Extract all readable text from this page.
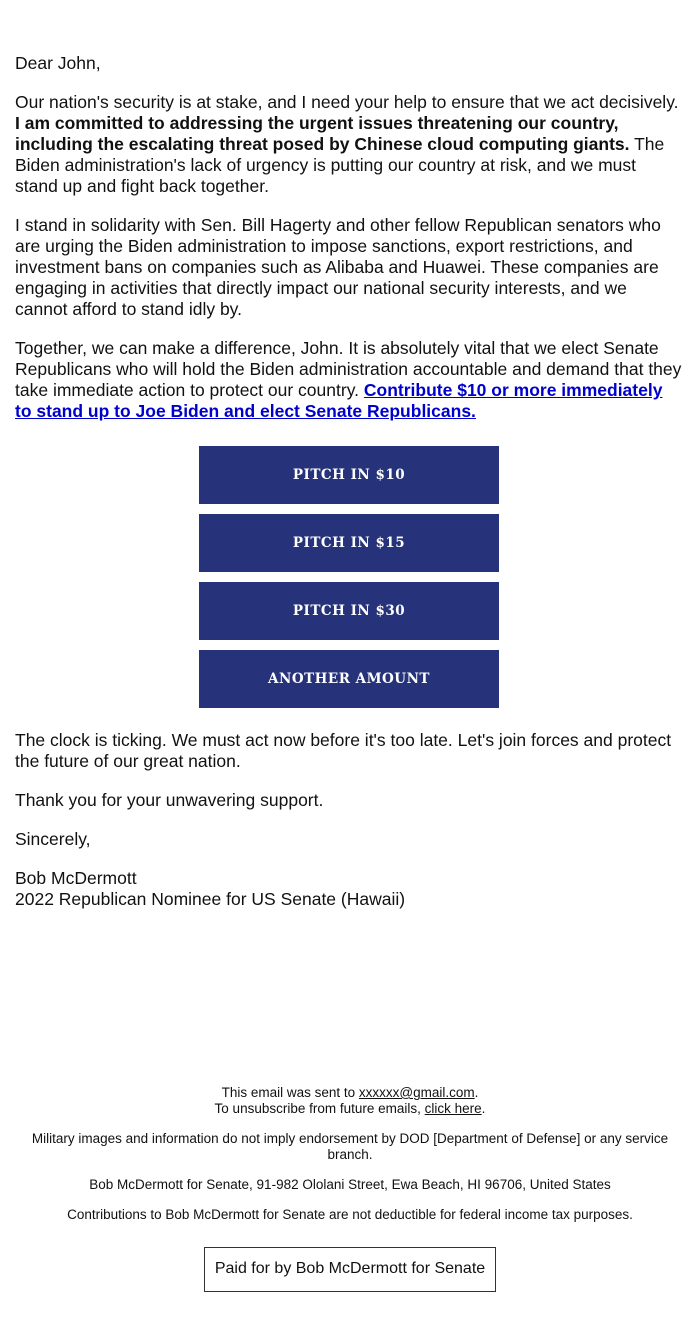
Dear John,

Our nation's security is at stake, and I need your help to ensure that we act decisively. I am committed to addressing the urgent issues threatening our country, including the escalating threat posed by Chinese cloud computing giants. The Biden administration's lack of urgency is putting our country at risk, and we must stand up and fight back together.

I stand in solidarity with Sen. Bill Hagerty and other fellow Republican senators who are urging the Biden administration to impose sanctions, export restrictions, and investment bans on companies such as Alibaba and Huawei. These companies are engaging in activities that directly impact our national security interests, and we cannot afford to stand idly by.

Together, we can make a difference, John. It is absolutely vital that we elect Senate Republicans who will hold the Biden administration accountable and demand that they take immediate action to protect our country. Contribute $10 or more immediately to stand up to Joe Biden and elect Senate Republicans.

PITCH IN $10
PITCH IN $15
PITCH IN $30
ANOTHER AMOUNT

The clock is ticking. We must act now before it's too late. Let's join forces and protect the future of our great nation.

Thank you for your unwavering support.

Sincerely,

Bob McDermott

2022 Republican Nominee for US Senate (Hawaii)

This email was sent to xxxxxx@gmail.com.

To unsubscribe from future emails, click here.

Military images and information do not imply endorsement by DOD [Department of Defense] or any service branch.

Bob McDermott for Senate, 91-982 Ololani Street, Ewa Beach, HI 96706, United States

Contributions to Bob McDermott for Senate are not deductible for federal income tax purposes.

Paid for by Bob McDermott for Senate
